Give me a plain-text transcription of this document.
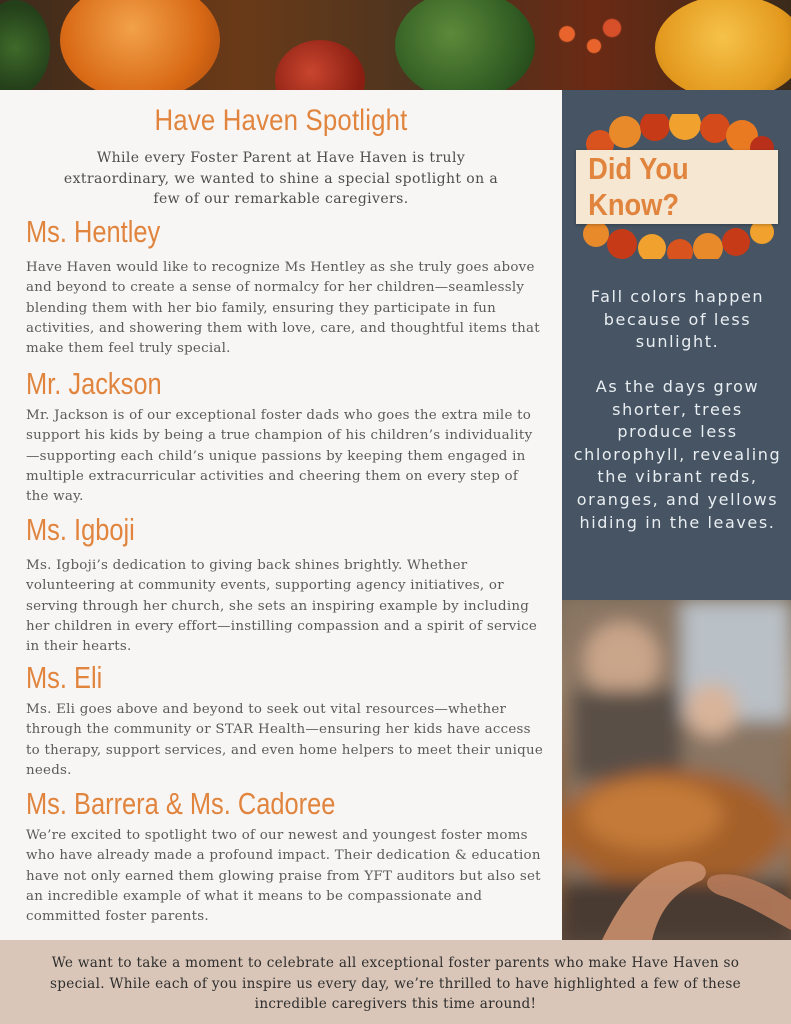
Have Haven Spotlight

While every Foster Parent at Have Haven is truly extraordinary, we wanted to shine a special spotlight on a few of our remarkable caregivers.

Ms. Hentley

Have Haven would like to recognize Ms Hentley as she truly goes above and beyond to create a sense of normalcy for her children—seamlessly blending them with her bio family, ensuring they participate in fun activities, and showering them with love, care, and thoughtful items that make them feel truly special.

Mr. Jackson

Mr. Jackson is of our exceptional foster dads who goes the extra mile to support his kids by being a true champion of his children’s individuality—supporting each child’s unique passions by keeping them engaged in multiple extracurricular activities and cheering them on every step of the way.

Ms. Igboji

Ms. Igboji’s dedication to giving back shines brightly. Whether volunteering at community events, supporting agency initiatives, or serving through her church, she sets an inspiring example by including her children in every effort—instilling compassion and a spirit of service in their hearts.

Ms. Eli

Ms. Eli goes above and beyond to seek out vital resources—whether through the community or STAR Health—ensuring her kids have access to therapy, support services, and even home helpers to meet their unique needs.

Ms. Barrera & Ms. Cadoree

We’re excited to spotlight two of our newest and youngest foster moms who have already made a profound impact. Their dedication & education have not only earned them glowing praise from YFT auditors but also set an incredible example of what it means to be compassionate and committed foster parents.

Did You Know?

Fall colors happen because of less sunlight.

As the days grow shorter, trees produce less chlorophyll, revealing the vibrant reds, oranges, and yellows hiding in the leaves.

We want to take a moment to celebrate all exceptional foster parents who make Have Haven so special. While each of you inspire us every day, we’re thrilled to have highlighted a few of these incredible caregivers this time around!
